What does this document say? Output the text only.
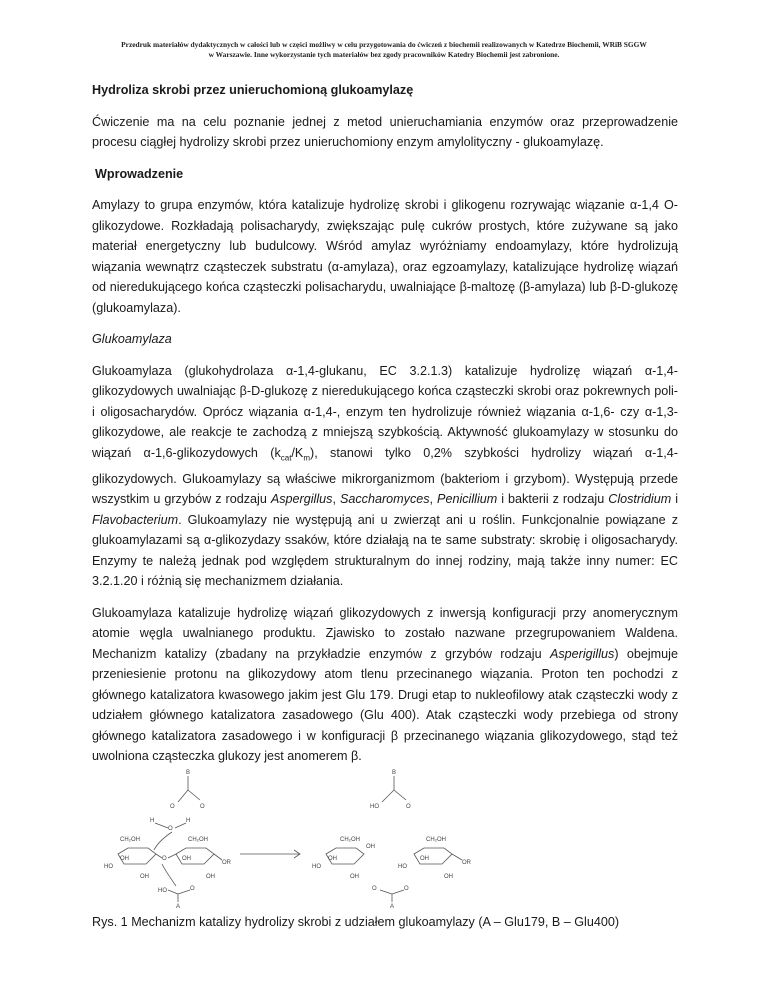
Przedruk materiałów dydaktycznych w całości lub w części możliwy w celu przygotowania do ćwiczeń z biochemii realizowanych w Katedrze Biochemii, WRiB SGGW
w Warszawie. Inne wykorzystanie tych materiałów bez zgody pracowników Katedry Biochemii jest zabronione.

Hydroliza skrobi przez unieruchomioną glukoamylazę

Ćwiczenie ma na celu poznanie jednej z metod unieruchamiania enzymów oraz przeprowadzenie procesu ciągłej hydrolizy skrobi przez unieruchomiony enzym amylolityczny - glukoamylazę.

Wprowadzenie

Amylazy to grupa enzymów, która katalizuje hydrolizę skrobi i glikogenu rozrywając wiązanie α-1,4 O-glikozydowe. Rozkładają polisacharydy, zwiększając pulę cukrów prostych, które zużywane są jako materiał energetyczny lub budulcowy. Wśród amylaz wyróżniamy endoamylazy, które hydrolizują wiązania wewnątrz cząsteczek substratu (α-amylaza), oraz egzoamylazy, katalizujące hydrolizę wiązań od nieredukującego końca cząsteczki polisacharydu, uwalniające β-maltozę (β-amylaza) lub β-D-glukozę (glukoamylaza).

Glukoamylaza

Glukoamylaza (glukohydrolaza α-1,4-glukanu, EC 3.2.1.3) katalizuje hydrolizę wiązań α-1,4-glikozydowych uwalniając β-D-glukozę z nieredukującego końca cząsteczki skrobi oraz pokrewnych poli- i oligosacharydów. Oprócz wiązania α-1,4-, enzym ten hydrolizuje również wiązania α-1,6- czy α-1,3-glikozydowe, ale reakcje te zachodzą z mniejszą szybkością. Aktywność glukoamylazy w stosunku do wiązań α-1,6-glikozydowych $(k_{cat}/K_m)$, stanowi tylko 0,2% szybkości hydrolizy wiązań α-1,4-glikozydowych. Glukoamylazy są właściwe mikrorganizmom (bakteriom i grzybom). Występują przede wszystkim u grzybów z rodzaju Aspergillus, Saccharomyces, Penicillium i bakterii z rodzaju Clostridium i Flavobacterium. Glukoamylazy nie występują ani u zwierząt ani u roślin. Funkcjonalnie powiązane z glukoamylazami są α-glikozydazy ssaków, które działają na te same substraty: skrobię i oligosacharydy. Enzymy te należą jednak pod względem strukturalnym do innej rodziny, mają także inny numer: EC 3.2.1.20 i różnią się mechanizmem działania.

Glukoamylaza katalizuje hydrolizę wiązań glikozydowych z inwersją konfiguracji przy anomerycznym atomie węgla uwalnianego produktu. Zjawisko to zostało nazwane przegrupowaniem Waldena. Mechanizm katalizy (zbadany na przykładzie enzymów z grzybów rodzaju Asperigillus) obejmuje przeniesienie protonu na glikozydowy atom tlenu przecinanego wiązania. Proton ten pochodzi z głównego katalizatora kwasowego jakim jest Glu 179. Drugi etap to nukleofilowy atak cząsteczki wody z udziałem głównego katalizatora zasadowego (Glu 400). Atak cząsteczki wody przebiega od strony głównego katalizatora zasadowego i w konfiguracji β przecinanego wiązania glikozydowego, stąd też uwolniona cząsteczka glukozy jest anomerem β.

B
O	O
H	H
O
CH₂OH
OH
HO
OH
O
CH₂OH
OH
OR
OH
HO	O
A
B
HO	O
CH₂OH
OH
OH
HO
OH
CH₂OH
OH
HO
OR
OH
O	O
A
Rys. 1 Mechanizm katalizy hydrolizy skrobi z udziałem glukoamylazy (A – Glu179, B – Glu400)
